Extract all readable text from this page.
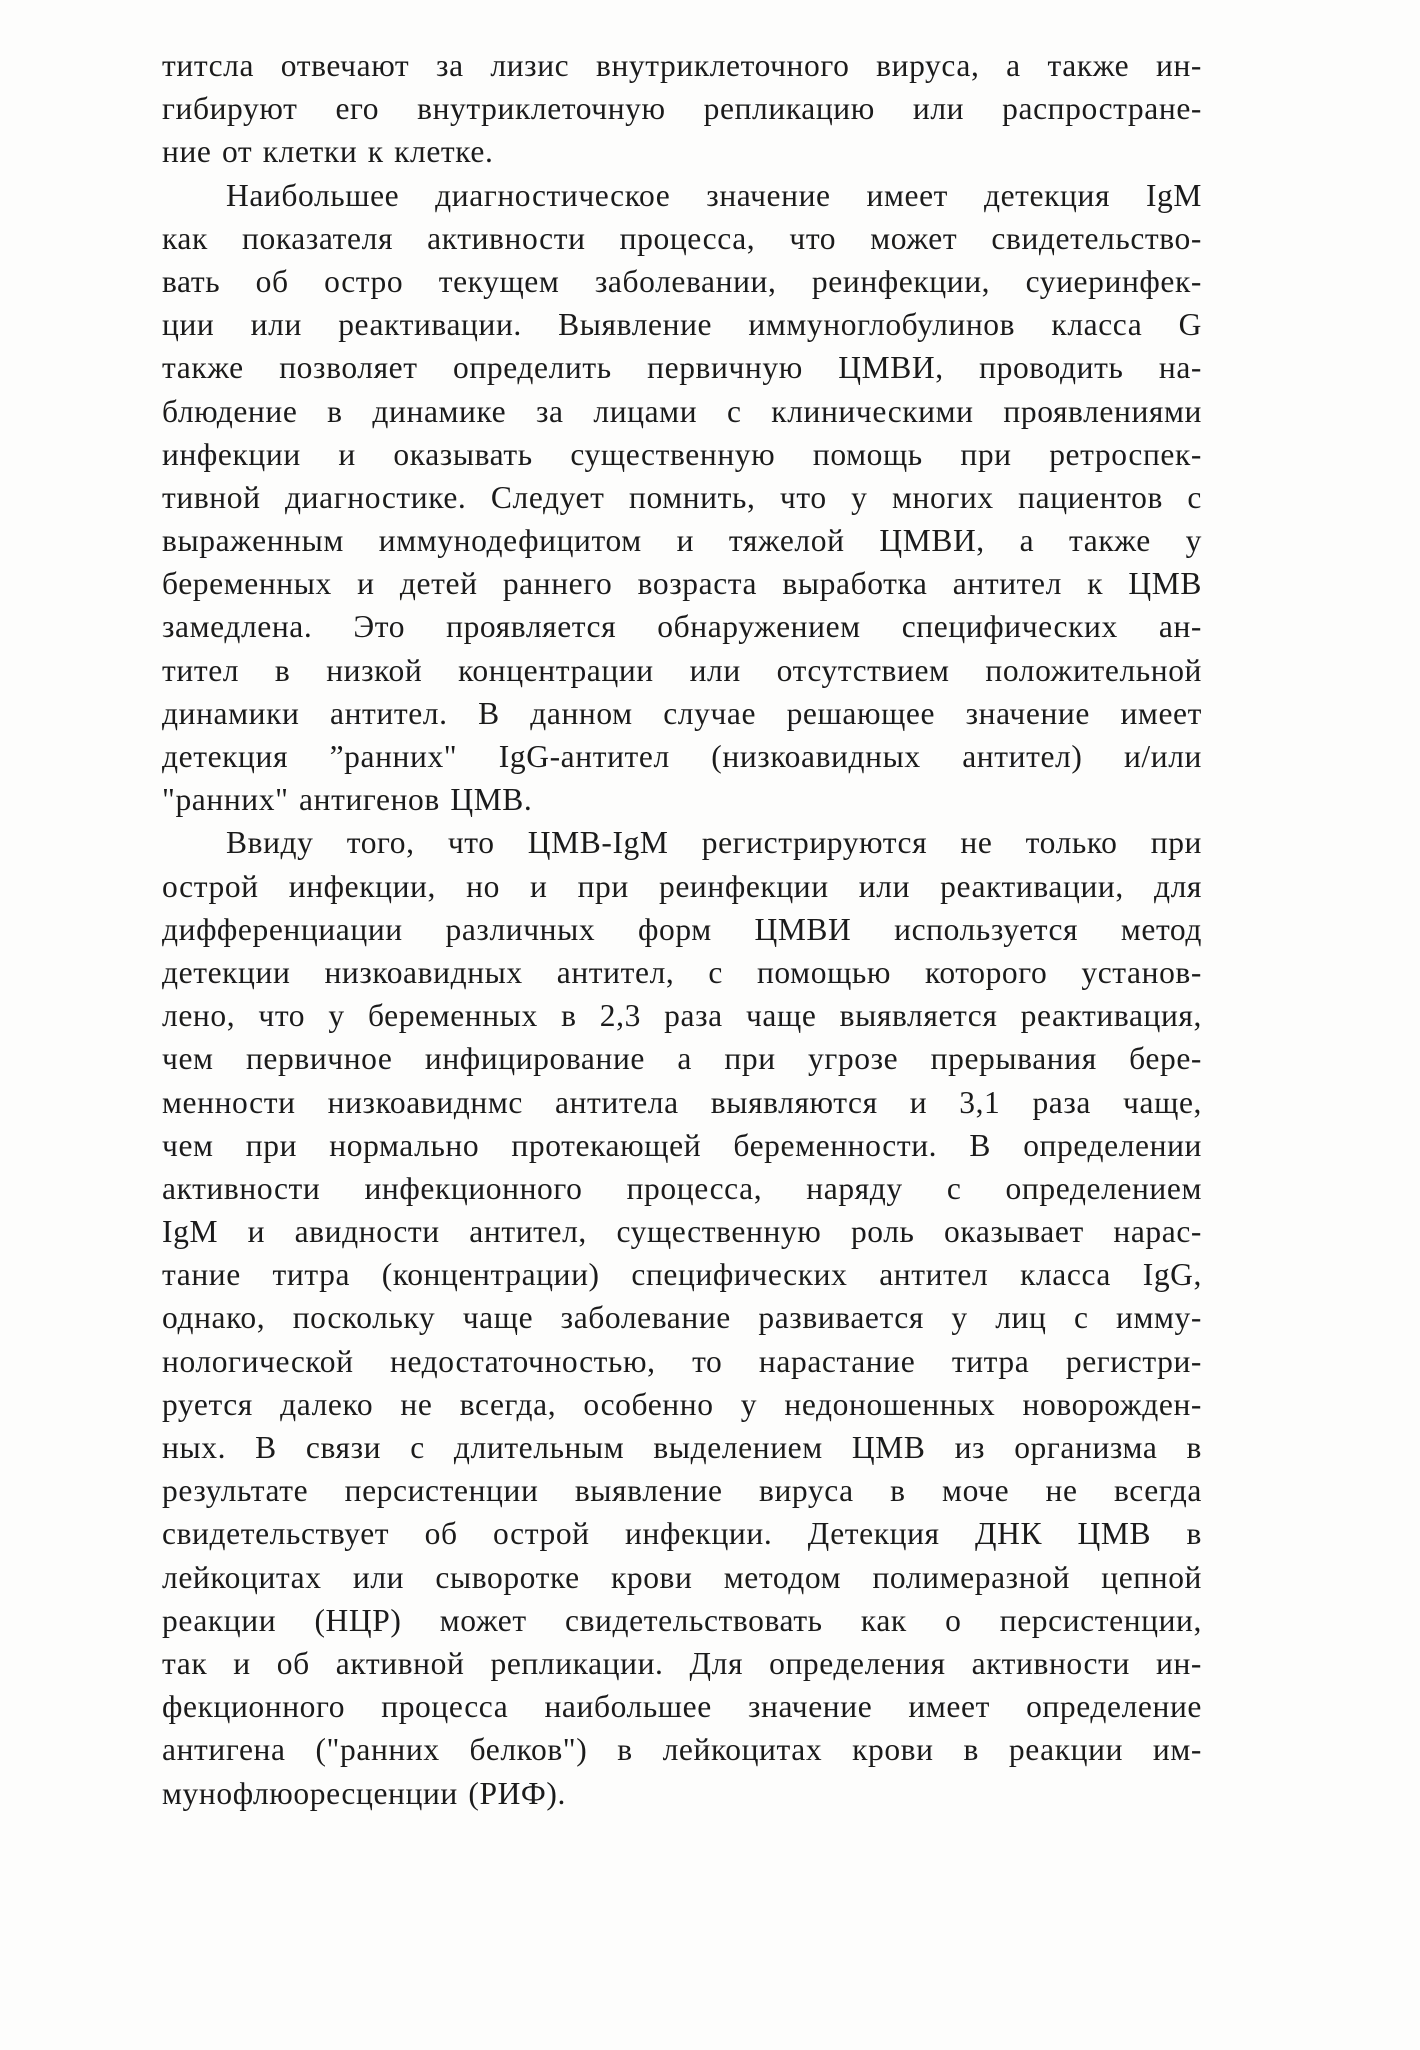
титсла отвечают за лизис внутриклеточного вируса, а также ин-
гибируют его внутриклеточную репликацию или распростране-
ние от клетки к клетке.
Наибольшее диагностическое значение имеет детекция IgM
как показателя активности процесса, что может свидетельство-
вать об остро текущем заболевании, реинфекции, суиеринфек-
ции или реактивации. Выявление иммуноглобулинов класса G
также позволяет определить первичную ЦМВИ, проводить на-
блюдение в динамике за лицами с клиническими проявлениями
инфекции и оказывать существенную помощь при ретроспек-
тивной диагностике. Следует помнить, что у многих пациентов с
выраженным иммунодефицитом и тяжелой ЦМВИ, а также у
беременных и детей раннего возраста выработка антител к ЦМВ
замедлена. Это проявляется обнаружением специфических ан-
тител в низкой концентрации или отсутствием положительной
динамики антител. В данном случае решающее значение имеет
детекция ”ранних" IgG-антител (низкоавидных антител) и/или
"ранних" антигенов ЦМВ.
Ввиду того, что ЦМВ-IgM регистрируются не только при
острой инфекции, но и при реинфекции или реактивации, для
дифференциации различных форм ЦМВИ используется метод
детекции низкоавидных антител, с помощью которого установ-
лено, что у беременных в 2,3 раза чаще выявляется реактивация,
чем первичное инфицирование а при угрозе прерывания бере-
менности низкоавиднмс антитела выявляются и 3,1 раза чаще,
чем при нормально протекающей беременности. В определении
активности инфекционного процесса, наряду с определением
IgM и авидности антител, существенную роль оказывает нарас-
тание титра (концентрации) специфических антител класса IgG,
однако, поскольку чаще заболевание развивается у лиц с имму-
нологической недостаточностью, то нарастание титра регистри-
руется далеко не всегда, особенно у недоношенных новорожден-
ных. В связи с длительным выделением ЦМВ из организма в
результате персистенции выявление вируса в моче не всегда
свидетельствует об острой инфекции. Детекция ДНК ЦМВ в
лейкоцитах или сыворотке крови методом полимеразной цепной
реакции (НЦР) может свидетельствовать как о персистенции,
так и об активной репликации. Для определения активности ин-
фекционного процесса наибольшее значение имеет определение
антигена ("ранних белков") в лейкоцитах крови в реакции им-
мунофлюоресценции (РИФ).
